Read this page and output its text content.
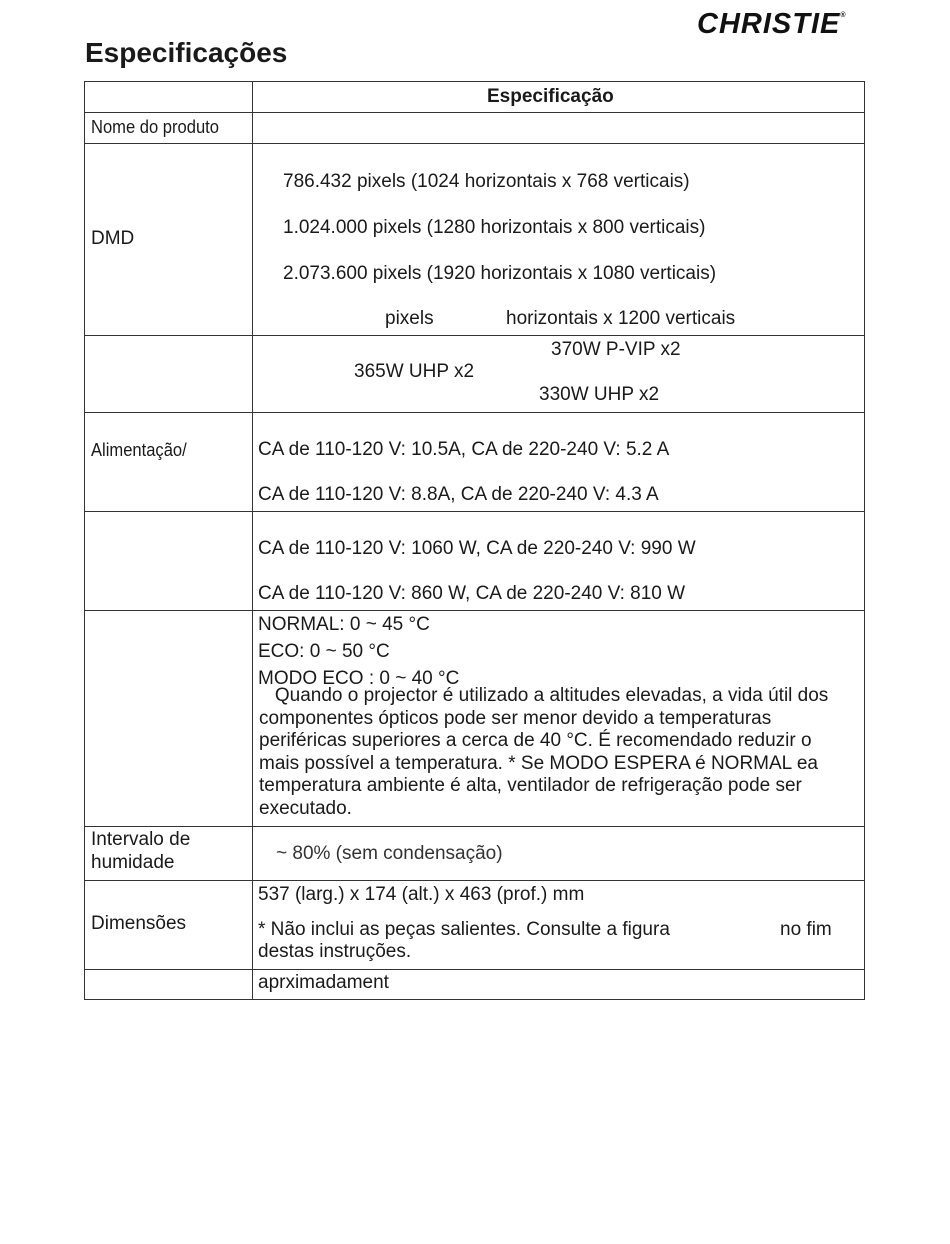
CHRISTIE®
Especificações

	Especificação

Nome do produto	

DMD	786.432 pixels (1024 horizontais x 768 verticais)
1.024.000 pixels (1280 horizontais x 800 verticais)
2.073.600 pixels (1920 horizontais x 1080 verticais)
pixels horizontais x 1200 verticais

	370W P-VIP x2
365W UHP x2
330W UHP x2

Alimentação/	CA de 110-120 V: 10.5A, CA de 220-240 V: 5.2 A
CA de 110-120 V: 8.8A, CA de 220-240 V: 4.3 A

	CA de 110-120 V: 1060 W, CA de 220-240 V: 990 W
CA de 110-120 V: 860 W, CA de 220-240 V: 810 W

	NORMAL: 0 ~ 45 °C
ECO: 0 ~ 50 °C
MODO ECO : 0 ~ 40 °C
Quando o projector é utilizado a altitudes elevadas, a vida útil dos componentes ópticos pode ser menor devido a temperaturas periféricas superiores a cerca de 40 °C. É recomendado reduzir o mais possível a temperatura. * Se MODO ESPERA é NORMAL ea temperatura ambiente é alta, ventilador de refrigeração pode ser executado.

Intervalo de
humidade	~ 80% (sem condensação)

Dimensões	537 (larg.) x 174 (alt.) x 463 (prof.) mm
* Não inclui as peças salientes. Consulte a figura no fim
destas instruções.

	aprximadament
